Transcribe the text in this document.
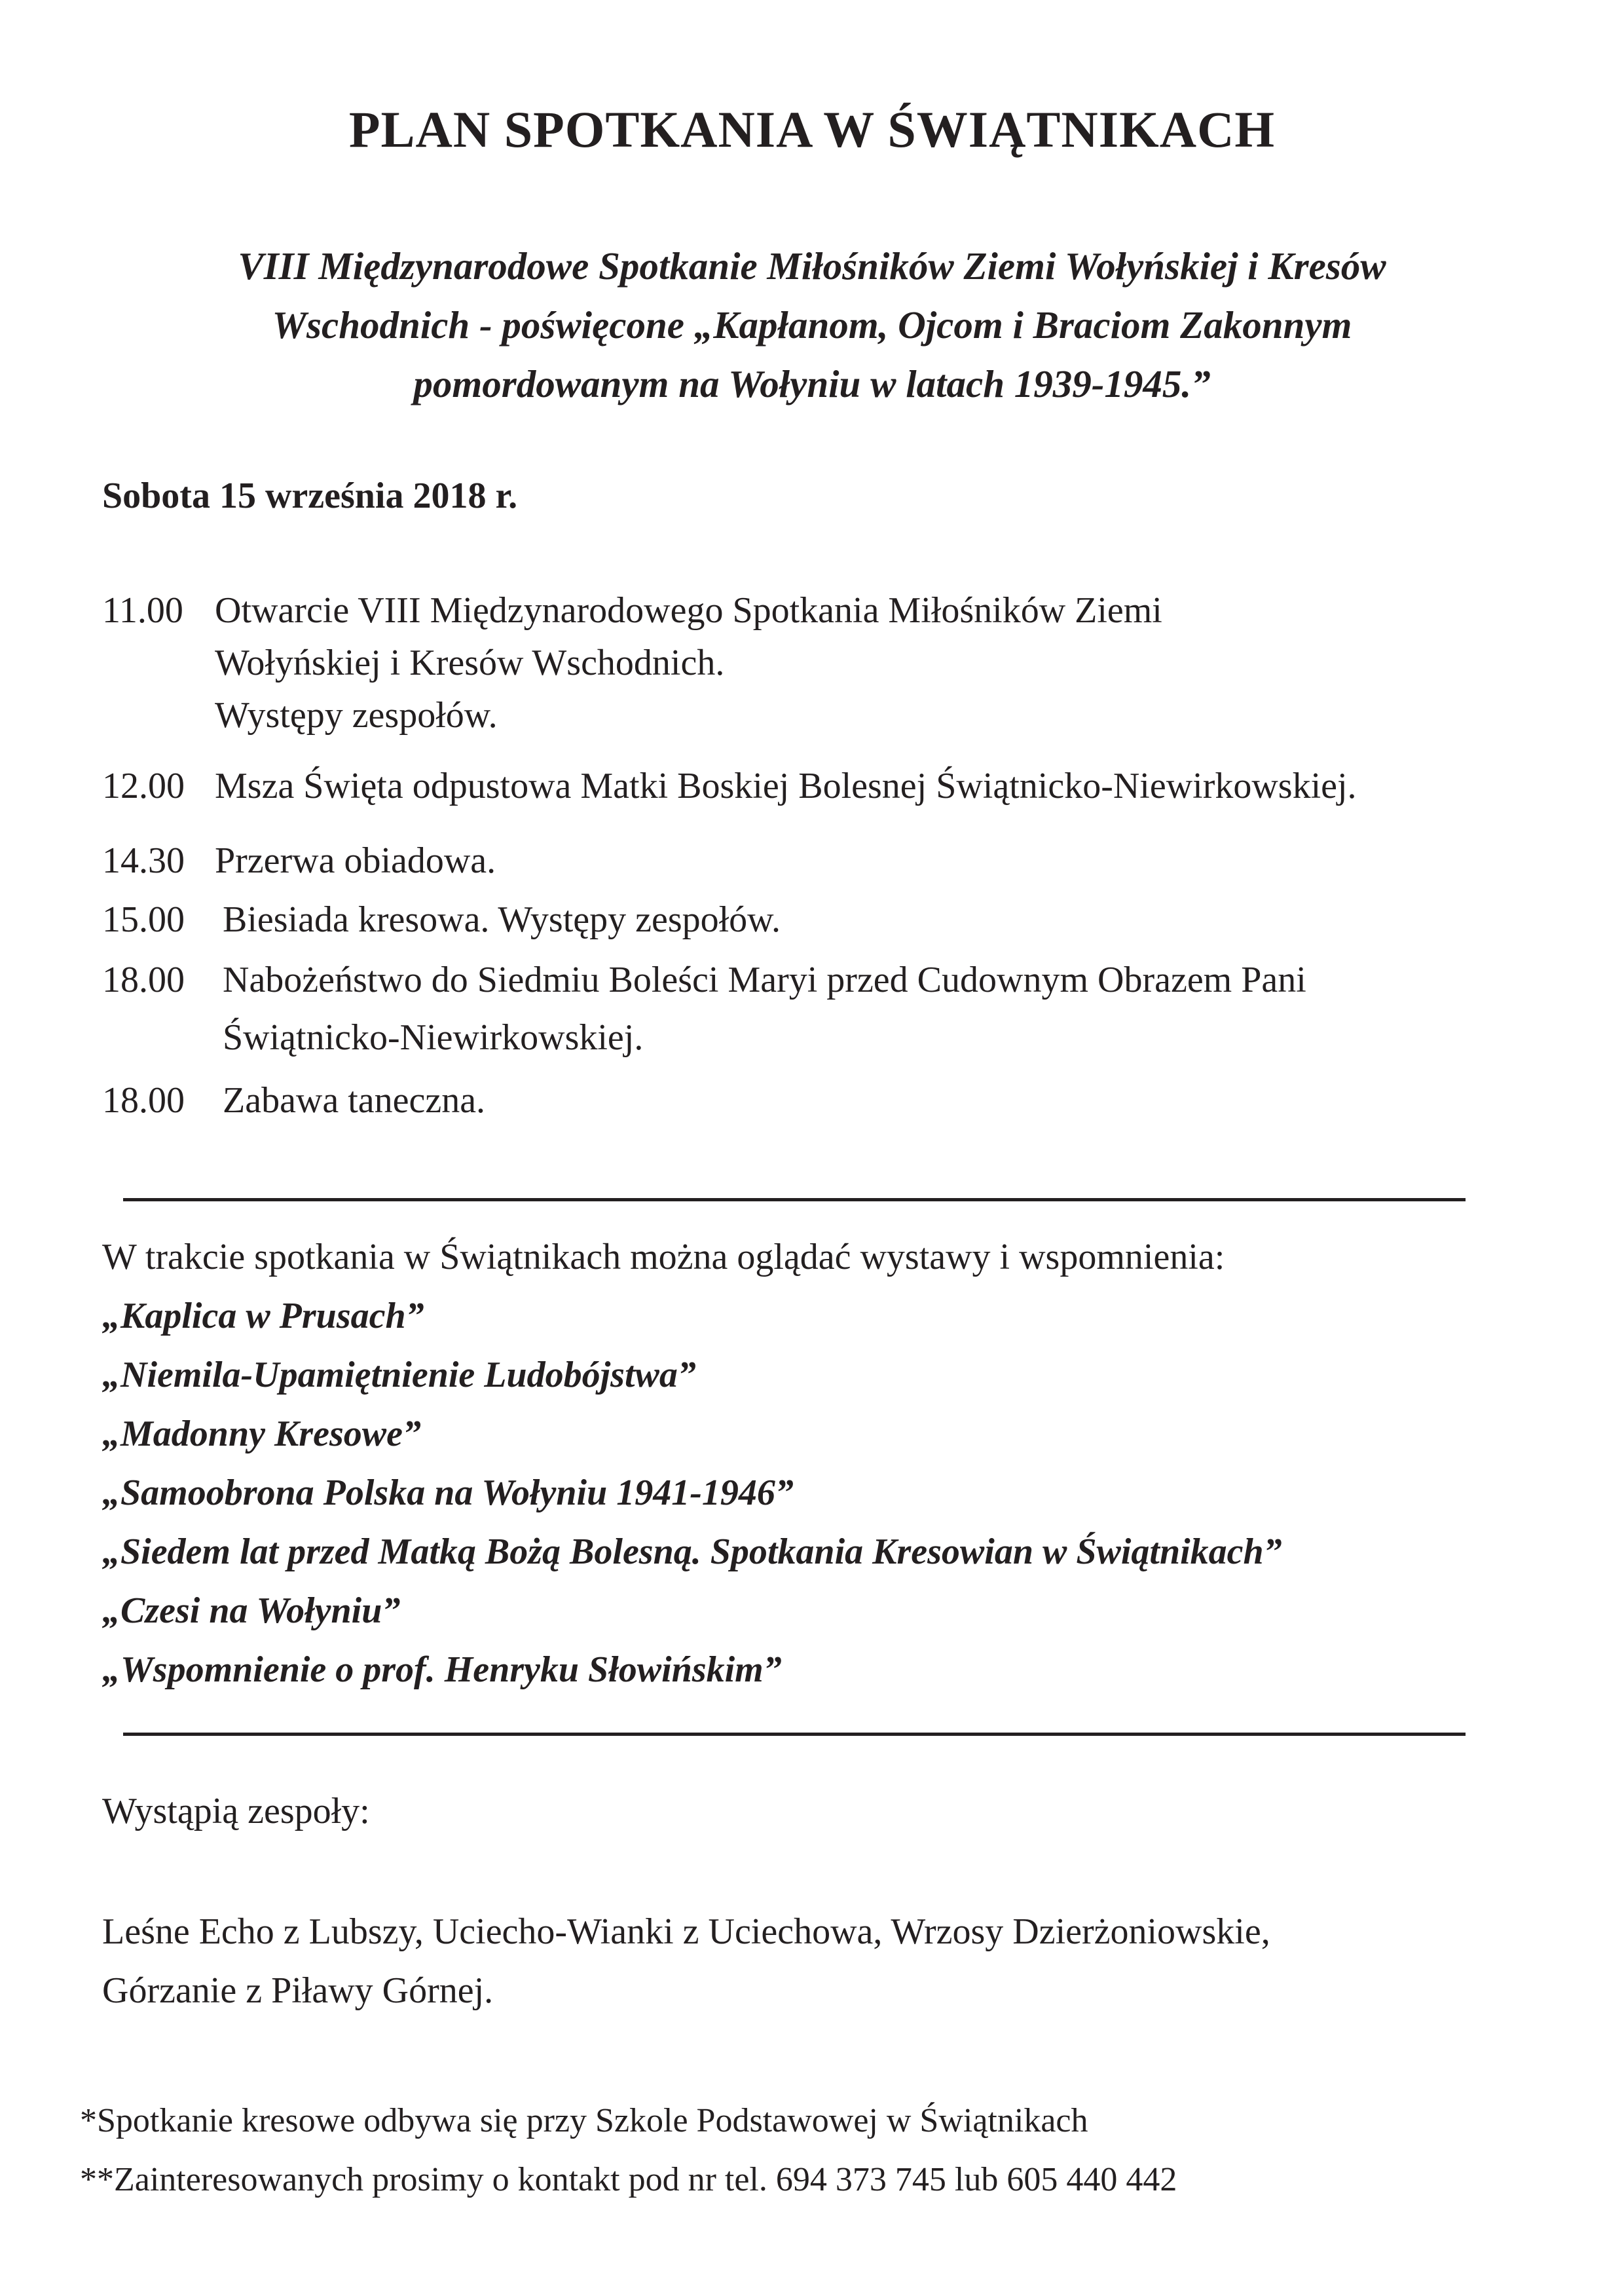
PLAN SPOTKANIA W ŚWIĄTNIKACH
VIII Międzynarodowe Spotkanie Miłośników Ziemi Wołyńskiej i Kresów
Wschodnich - poświęcone „Kapłanom, Ojcom i Braciom Zakonnym
pomordowanym na Wołyniu w latach 1939-1945.”
Sobota 15 września 2018 r.
11.00 Otwarcie VIII Międzynarodowego Spotkania Miłośników Ziemi
Wołyńskiej i Kresów Wschodnich.
Występy zespołów.
12.00 Msza Święta odpustowa Matki Boskiej Bolesnej Świątnicko-Niewirkowskiej.
14.30 Przerwa obiadowa.
15.00 Biesiada kresowa. Występy zespołów.
18.00 Nabożeństwo do Siedmiu Boleści Maryi przed Cudownym Obrazem Pani
Świątnicko-Niewirkowskiej.
18.00 Zabawa taneczna.
W trakcie spotkania w Świątnikach można oglądać wystawy i wspomnienia:
„Kaplica w Prusach”
„Niemila-Upamiętnienie Ludobójstwa”
„Madonny Kresowe”
„Samoobrona Polska na Wołyniu 1941-1946”
„Siedem lat przed Matką Bożą Bolesną. Spotkania Kresowian w Świątnikach”
„Czesi na Wołyniu”
„Wspomnienie o prof. Henryku Słowińskim”
Wystąpią zespoły:
Leśne Echo z Lubszy, Uciecho-Wianki z Uciechowa, Wrzosy Dzierżoniowskie,
Górzanie z Piławy Górnej.
*Spotkanie kresowe odbywa się przy Szkole Podstawowej w Świątnikach
**Zainteresowanych prosimy o kontakt pod nr tel. 694 373 745 lub 605 440 442
